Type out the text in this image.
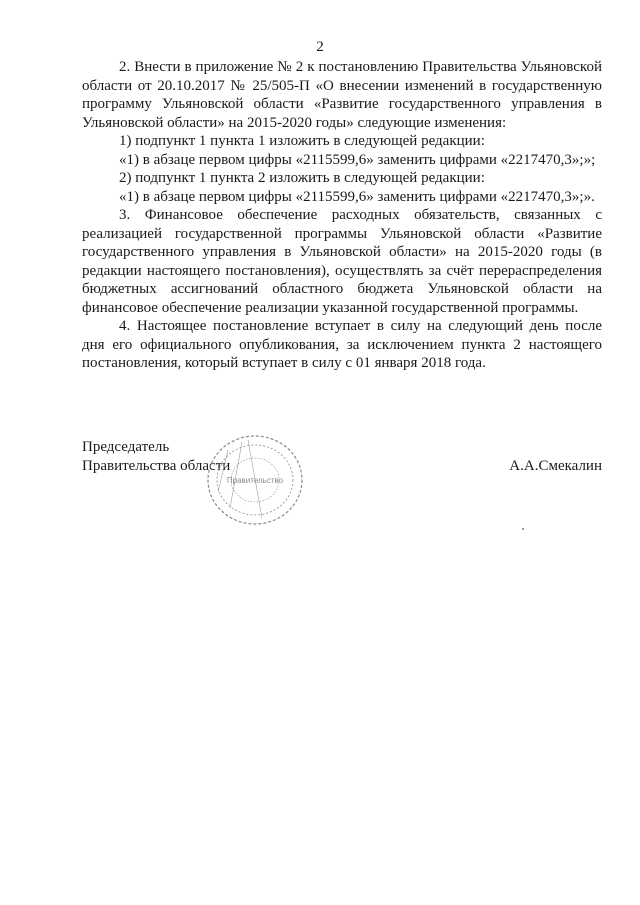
2

2. Внести в приложение № 2 к постановлению Правительства Ульяновской области от 20.10.2017 № 25/505-П «О внесении изменений в государственную программу Ульяновской области «Развитие государственного управления в Ульяновской области» на 2015-2020 годы» следующие изменения:

1) подпункт 1 пункта 1 изложить в следующей редакции:

«1) в абзаце первом цифры «2115599,6» заменить цифрами «2217470,3»;»;

2) подпункт 1 пункта 2 изложить в следующей редакции:

«1) в абзаце первом цифры «2115599,6» заменить цифрами «2217470,3»;».

3. Финансовое обеспечение расходных обязательств, связанных с реализацией государственной программы Ульяновской области «Развитие государственного управления в Ульяновской области» на 2015-2020 годы (в редакции настоящего постановления), осуществлять за счёт перераспределения бюджетных ассигнований областного бюджета Ульяновской области на финансовое обеспечение реализации указанной государственной программы.

4. Настоящее постановление вступает в силу на следующий день после дня его официального опубликования, за исключением пункта 2 настоящего постановления, который вступает в силу с 01 января 2018 года.

Председатель
Правительства области	А.А.Смекалин
Правительство
